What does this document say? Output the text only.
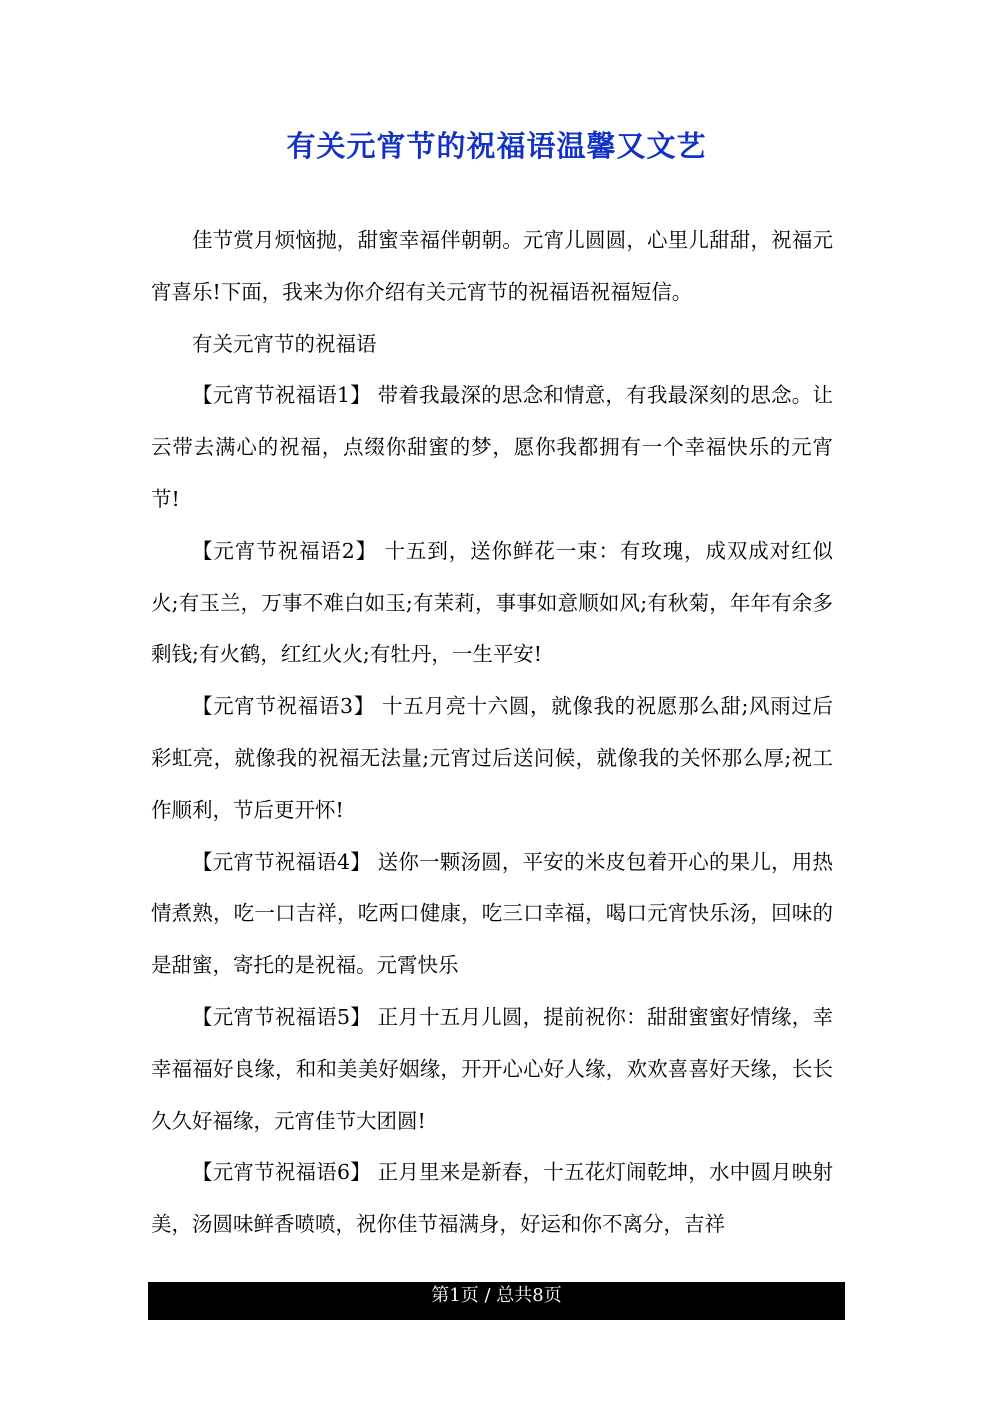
有关元宵节的祝福语温馨又文艺

佳节赏月烦恼抛，甜蜜幸福伴朝朝。元宵儿圆圆，心里儿甜甜，祝福元宵喜乐!下面，我来为你介绍有关元宵节的祝福语祝福短信。

有关元宵节的祝福语

【元宵节祝福语1】 带着我最深的思念和情意，有我最深刻的思念。让云带去满心的祝福，点缀你甜蜜的梦，愿你我都拥有一个幸福快乐的元宵节!

【元宵节祝福语2】 十五到，送你鲜花一束：有玫瑰，成双成对红似火;有玉兰，万事不难白如玉;有茉莉，事事如意顺如风;有秋菊，年年有余多剩钱;有火鹤，红红火火;有牡丹，一生平安!

【元宵节祝福语3】 十五月亮十六圆，就像我的祝愿那么甜;风雨过后彩虹亮，就像我的祝福无法量;元宵过后送问候，就像我的关怀那么厚;祝工作顺利，节后更开怀!

【元宵节祝福语4】 送你一颗汤圆，平安的米皮包着开心的果儿，用热情煮熟，吃一口吉祥，吃两口健康，吃三口幸福，喝口元宵快乐汤，回味的是甜蜜，寄托的是祝福。元霄快乐

【元宵节祝福语5】 正月十五月儿圆，提前祝你：甜甜蜜蜜好情缘，幸幸福福好良缘，和和美美好姻缘，开开心心好人缘，欢欢喜喜好天缘，长长久久好福缘，元宵佳节大团圆!

【元宵节祝福语6】 正月里来是新春，十五花灯闹乾坤，水中圆月映射美，汤圆味鲜香喷喷，祝你佳节福满身，好运和你不离分，吉祥

第1页 / 总共8页
